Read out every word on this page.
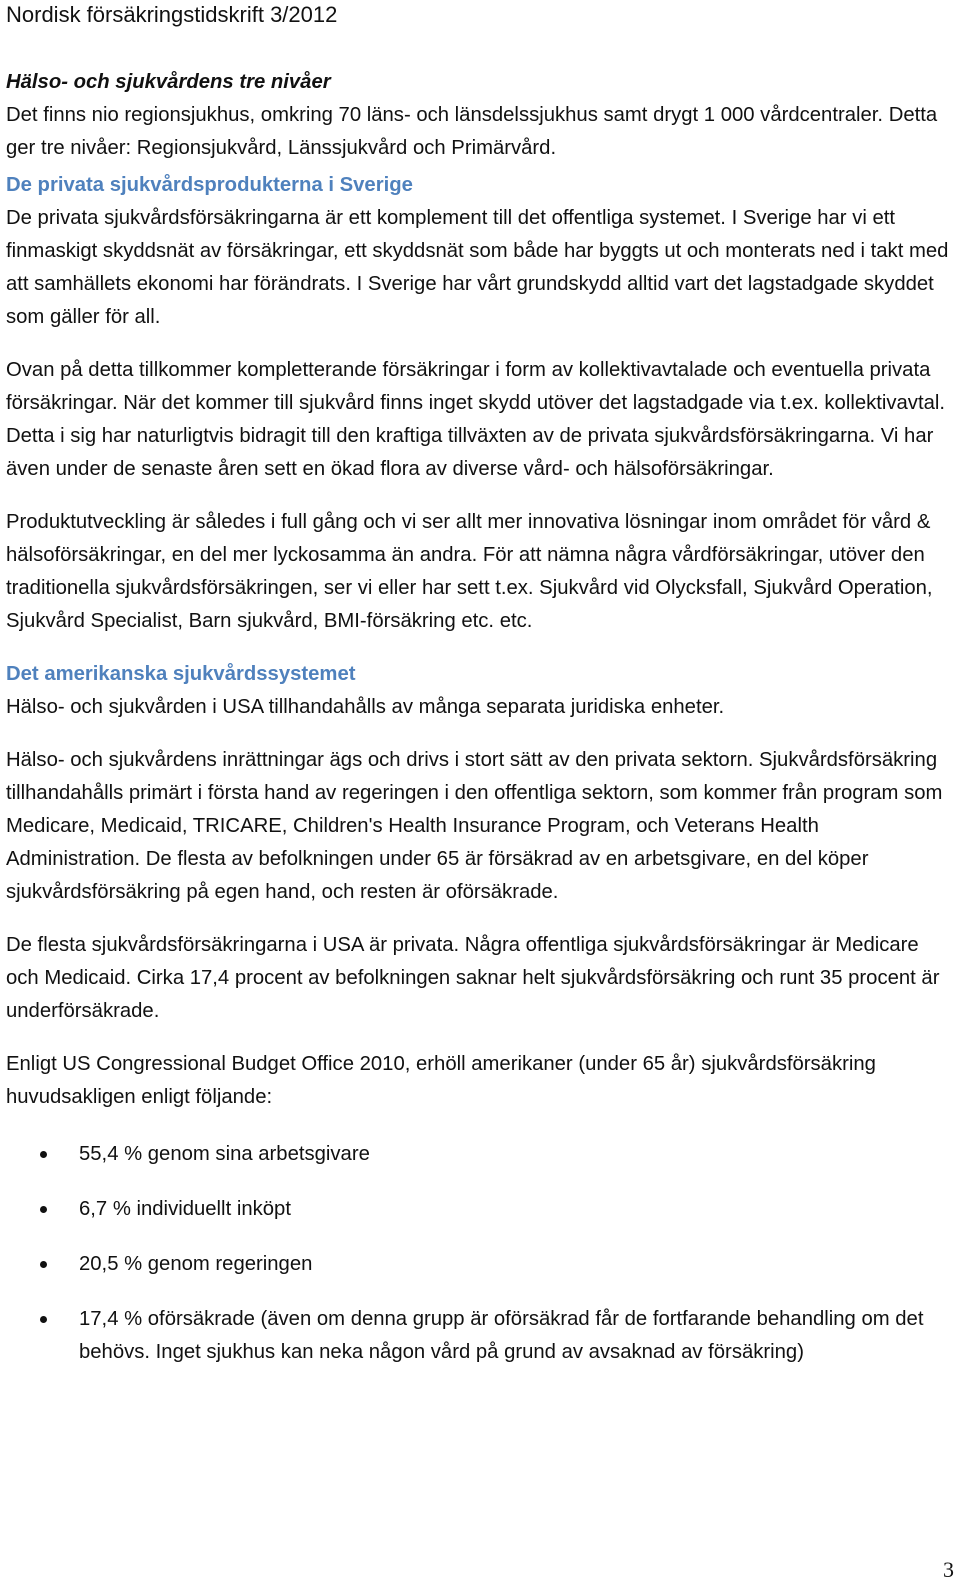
Nordisk försäkringstidskrift 3/2012

Hälso- och sjukvårdens tre nivåer

Det finns nio regionsjukhus, omkring 70 läns- och länsdelssjukhus samt drygt 1 000 vårdcentraler. Detta ger tre nivåer: Regionsjukvård, Länssjukvård och Primärvård.

De privata sjukvårdsprodukterna i Sverige

De privata sjukvårdsförsäkringarna är ett komplement till det offentliga systemet. I Sverige har vi ett finmaskigt skyddsnät av försäkringar, ett skyddsnät som både har byggts ut och monterats ned i takt med att samhällets ekonomi har förändrats. I Sverige har vårt grundskydd alltid vart det lagstadgade skyddet som gäller för all.

Ovan på detta tillkommer kompletterande försäkringar i form av kollektivavtalade och eventuella privata försäkringar. När det kommer till sjukvård finns inget skydd utöver det lagstadgade via t.ex. kollektivavtal. Detta i sig har naturligtvis bidragit till den kraftiga tillväxten av de privata sjukvårdsförsäkringarna. Vi har även under de senaste åren sett en ökad flora av diverse vård- och hälsoförsäkringar.

Produktutveckling är således i full gång och vi ser allt mer innovativa lösningar inom området för vård & hälsoförsäkringar, en del mer lyckosamma än andra. För att nämna några vårdförsäkringar, utöver den traditionella sjukvårdsförsäkringen, ser vi eller har sett t.ex. Sjukvård vid Olycksfall, Sjukvård Operation, Sjukvård Specialist, Barn sjukvård, BMI-försäkring etc. etc.

Det amerikanska sjukvårdssystemet

Hälso- och sjukvården i USA tillhandahålls av många separata juridiska enheter.

Hälso- och sjukvårdens inrättningar ägs och drivs i stort sätt av den privata sektorn. Sjukvårdsförsäkring tillhandahålls primärt i första hand av regeringen i den offentliga sektorn, som kommer från program som Medicare, Medicaid, TRICARE, Children's Health Insurance Program, och Veterans Health Administration. De flesta av befolkningen under 65 är försäkrad av en arbetsgivare, en del köper sjukvårdsförsäkring på egen hand, och resten är oförsäkrade.

De flesta sjukvårdsförsäkringarna i USA är privata. Några offentliga sjukvårdsförsäkringar är Medicare och Medicaid. Cirka 17,4 procent av befolkningen saknar helt sjukvårdsförsäkring och runt 35 procent är underförsäkrade.

Enligt US Congressional Budget Office 2010, erhöll amerikaner (under 65 år) sjukvårdsförsäkring huvudsakligen enligt följande:

55,4 % genom sina arbetsgivare
6,7 % individuellt inköpt
20,5 % genom regeringen
17,4 % oförsäkrade (även om denna grupp är oförsäkrad får de fortfarande behandling om det behövs. Inget sjukhus kan neka någon vård på grund av avsaknad av försäkring)
3
